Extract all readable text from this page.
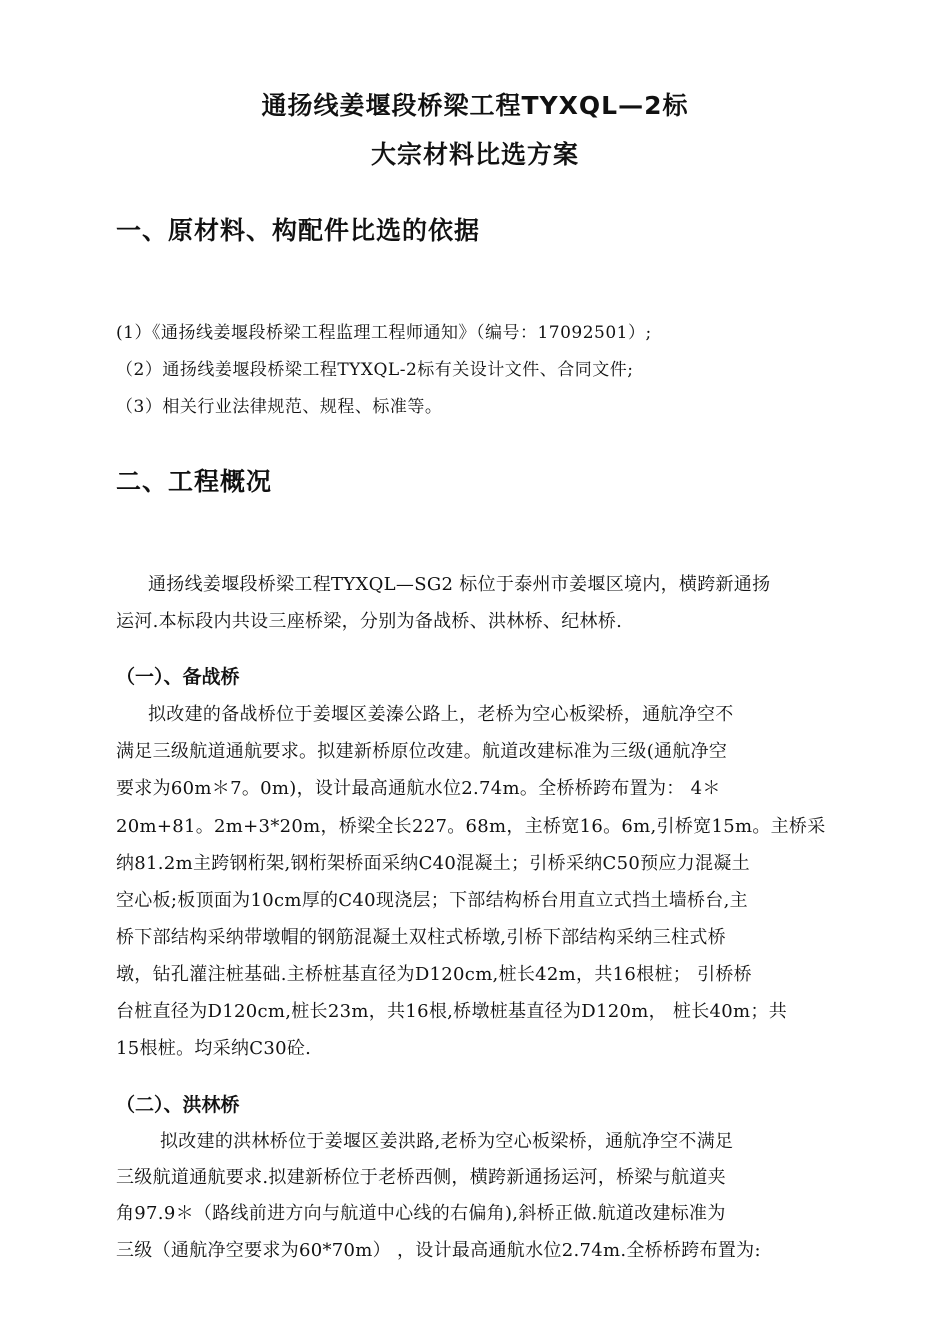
通扬线姜堰段桥梁工程TYXQL—2标
大宗材料比选方案
一、原材料、构配件比选的依据
(1）《通扬线姜堰段桥梁工程监理工程师通知》（编号：17092501）;
（2）通扬线姜堰段桥梁工程TYXQL-2标有关设计文件、合同文件;
（3）相关行业法律规范、规程、标准等。
二、工程概况
通扬线姜堰段桥梁工程TYXQL—SG2 标位于泰州市姜堰区境内，横跨新通扬
运河.本标段内共设三座桥梁，分别为备战桥、洪林桥、纪林桥.
（一）、备战桥
拟改建的备战桥位于姜堰区姜溱公路上，老桥为空心板梁桥，通航净空不
满足三级航道通航要求。拟建新桥原位改建。航道改建标准为三级(通航净空
要求为60m＊7。0m)，设计最高通航水位2.74m。全桥桥跨布置为： 4＊
20m+81。2m+3*20m，桥梁全长227。68m，主桥宽16。6m,引桥宽15m。主桥采
纳81.2m主跨钢桁架,钢桁架桥面采纳C40混凝土；引桥采纳C50预应力混凝土
空心板;板顶面为10cm厚的C40现浇层；下部结构桥台用直立式挡土墙桥台,主
桥下部结构采纳带墩帽的钢筋混凝土双柱式桥墩,引桥下部结构采纳三柱式桥
墩，钻孔灌注桩基础.主桥桩基直径为D120cm,桩长42m，共16根桩； 引桥桥
台桩直径为D120cm,桩长23m，共16根,桥墩桩基直径为D120m， 桩长40m；共
15根桩。均采纳C30砼.
（二）、洪林桥
拟改建的洪林桥位于姜堰区姜洪路,老桥为空心板梁桥，通航净空不满足
三级航道通航要求.拟建新桥位于老桥西侧，横跨新通扬运河，桥梁与航道夹
角97.9＊（路线前进方向与航道中心线的右偏角),斜桥正做.航道改建标准为
三级（通航净空要求为60*70m） ，设计最高通航水位2.74m.全桥桥跨布置为:
